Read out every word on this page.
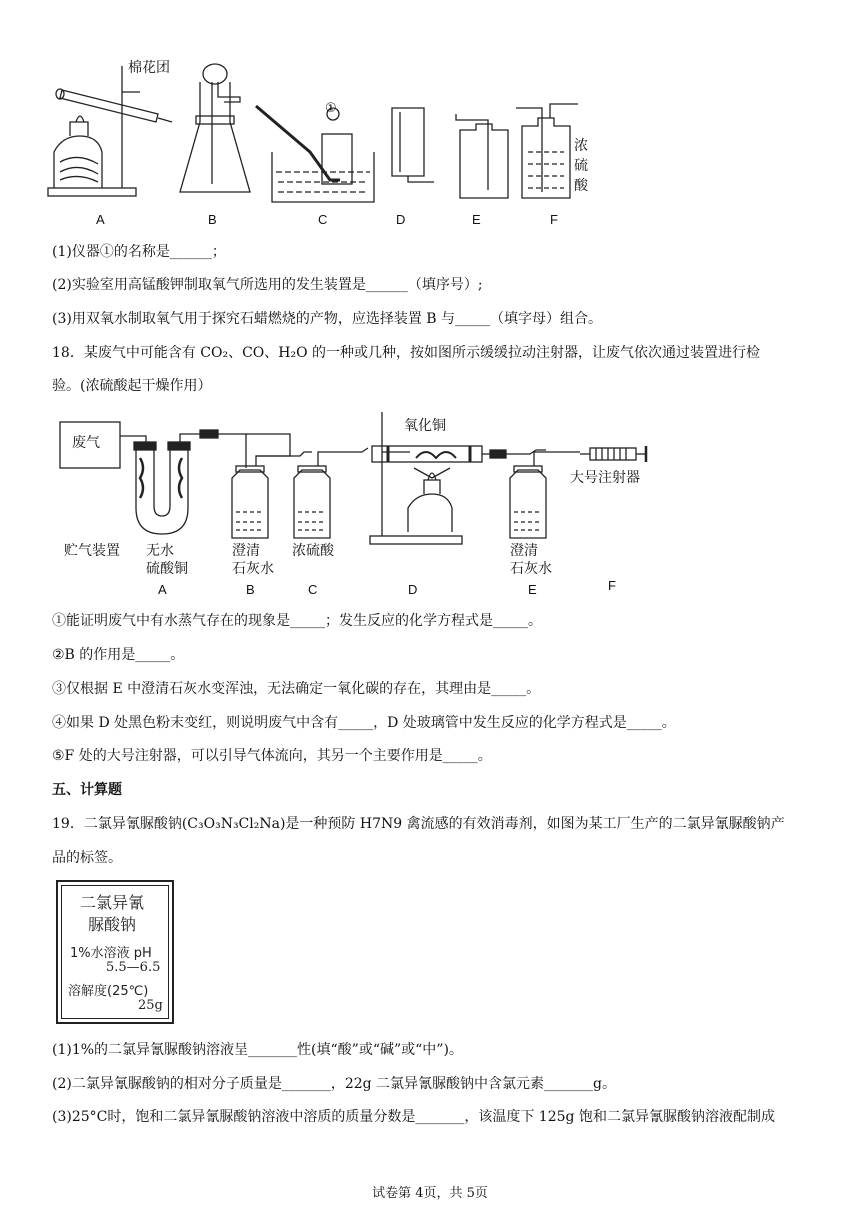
棉花团
①
浓
硫
酸
A	B	C	D	E	F
(1)仪器①的名称是______；
(2)实验室用高锰酸钾制取氧气所选用的发生装置是______（填序号）;
(3)用双氧水制取氧气用于探究石蜡燃烧的产物，应选择装置 B 与_____（填字母）组合。
18．某废气中可能含有 CO₂、CO、H₂O 的一种或几种，按如图所示缓缓拉动注射器，让废气依次通过装置进行检
验。(浓硫酸起干燥作用）
废气
氧化铜
大号注射器
贮气装置 无水
硫酸铜
澄清
石灰水
浓硫酸	澄清
石灰水
A	B	C	D	E	F
①能证明废气中有水蒸气存在的现象是_____；发生反应的化学方程式是_____。
②B 的作用是_____。
③仅根据 E 中澄清石灰水变浑浊，无法确定一氧化碳的存在，其理由是_____。
④如果 D 处黑色粉末变红，则说明废气中含有_____，D 处玻璃管中发生反应的化学方程式是_____。
⑤F 处的大号注射器，可以引导气体流向，其另一个主要作用是_____。
五、计算题
19．二氯异氰脲酸钠(C₃O₃N₃Cl₂Na)是一种预防 H7N9 禽流感的有效消毒剂，如图为某工厂生产的二氯异氰脲酸钠产
品的标签。
二氯异氰
脲酸钠
1%水溶液 pH
5.5—6.5
溶解度(25℃)
25g
(1)1%的二氯异氰脲酸钠溶液呈_______性(填“酸”或“碱”或“中”)。
(2)二氯异氰脲酸钠的相对分子质量是_______，22g 二氯异氰脲酸钠中含氯元素_______g。
(3)25°C时，饱和二氯异氰脲酸钠溶液中溶质的质量分数是_______，该温度下 125g 饱和二氯异氰脲酸钠溶液配制成
试卷第 4页，共 5页
